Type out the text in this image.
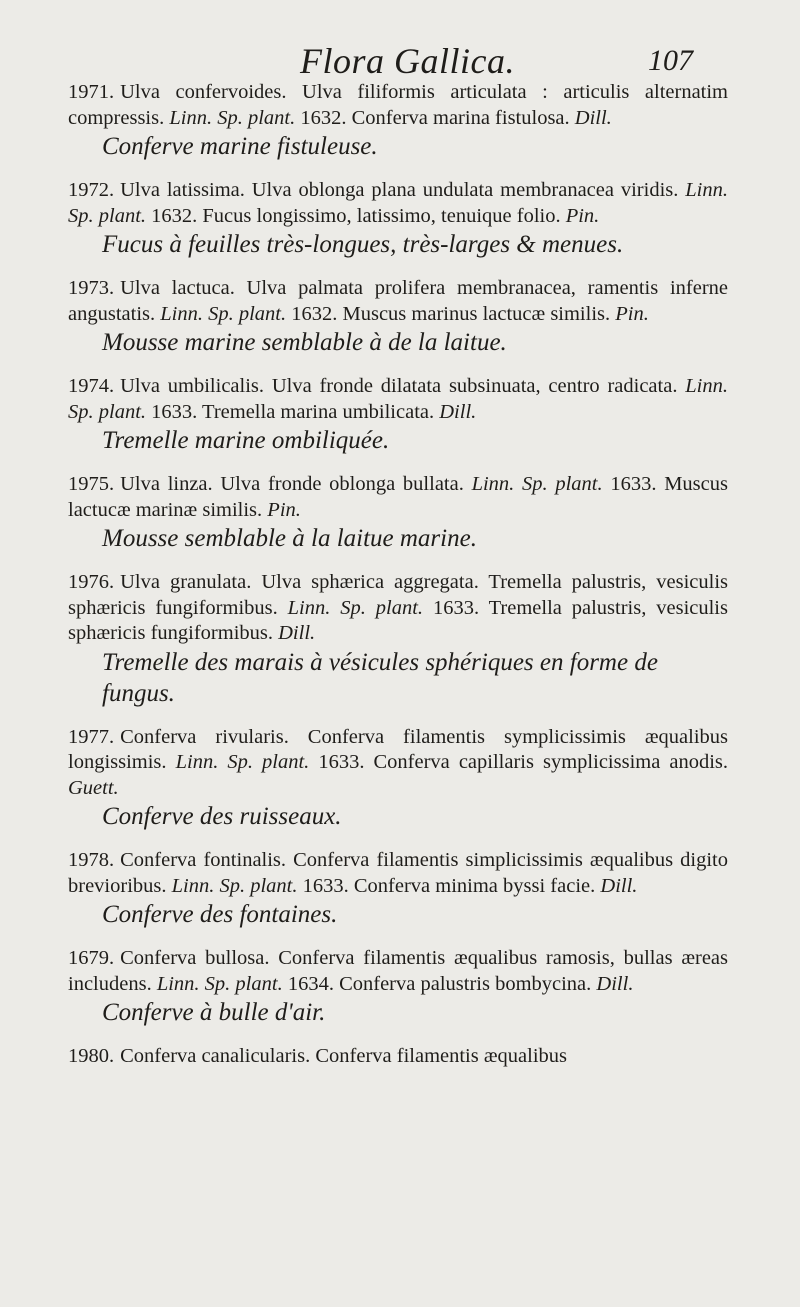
Flora Gallica.	107
1971. Ulva confervoides. Ulva filiformis articulata : articulis alternatim compressis. Linn. Sp. plant. 1632. Conferva marina fistulosa. Dill.
Conferve marine fistuleuse.
1972. Ulva latissima. Ulva oblonga plana undulata membranacea viridis. Linn. Sp. plant. 1632. Fucus longissimo, latissimo, tenuique folio. Pin.
Fucus à feuilles très-longues, très-larges & menues.
1973. Ulva lactuca. Ulva palmata prolifera membranacea, ramentis inferne angustatis. Linn. Sp. plant. 1632. Muscus marinus lactucæ similis. Pin.
Mousse marine semblable à de la laitue.
1974. Ulva umbilicalis. Ulva fronde dilatata subsinuata, centro radicata. Linn. Sp. plant. 1633. Tremella marina umbilicata. Dill.
Tremelle marine ombiliquée.
1975. Ulva linza. Ulva fronde oblonga bullata. Linn. Sp. plant. 1633. Muscus lactucæ marinæ similis. Pin.
Mousse semblable à la laitue marine.
1976. Ulva granulata. Ulva sphærica aggregata. Tremella palustris, vesiculis sphæricis fungiformibus. Linn. Sp. plant. 1633. Tremella palustris, vesiculis sphæricis fungiformibus. Dill.
Tremelle des marais à vésicules sphériques en forme de fungus.
1977. Conferva rivularis. Conferva filamentis symplicissimis æqualibus longissimis. Linn. Sp. plant. 1633. Conferva capillaris symplicissima anodis. Guett.
Conferve des ruisseaux.
1978. Conferva fontinalis. Conferva filamentis simplicissimis æqualibus digito brevioribus. Linn. Sp. plant. 1633. Conferva minima byssi facie. Dill.
Conferve des fontaines.
1679. Conferva bullosa. Conferva filamentis æqualibus ramosis, bullas æreas includens. Linn. Sp. plant. 1634. Conferva palustris bombycina. Dill.
Conferve à bulle d'air.
1980. Conferva canalicularis. Conferva filamentis æqualibus
